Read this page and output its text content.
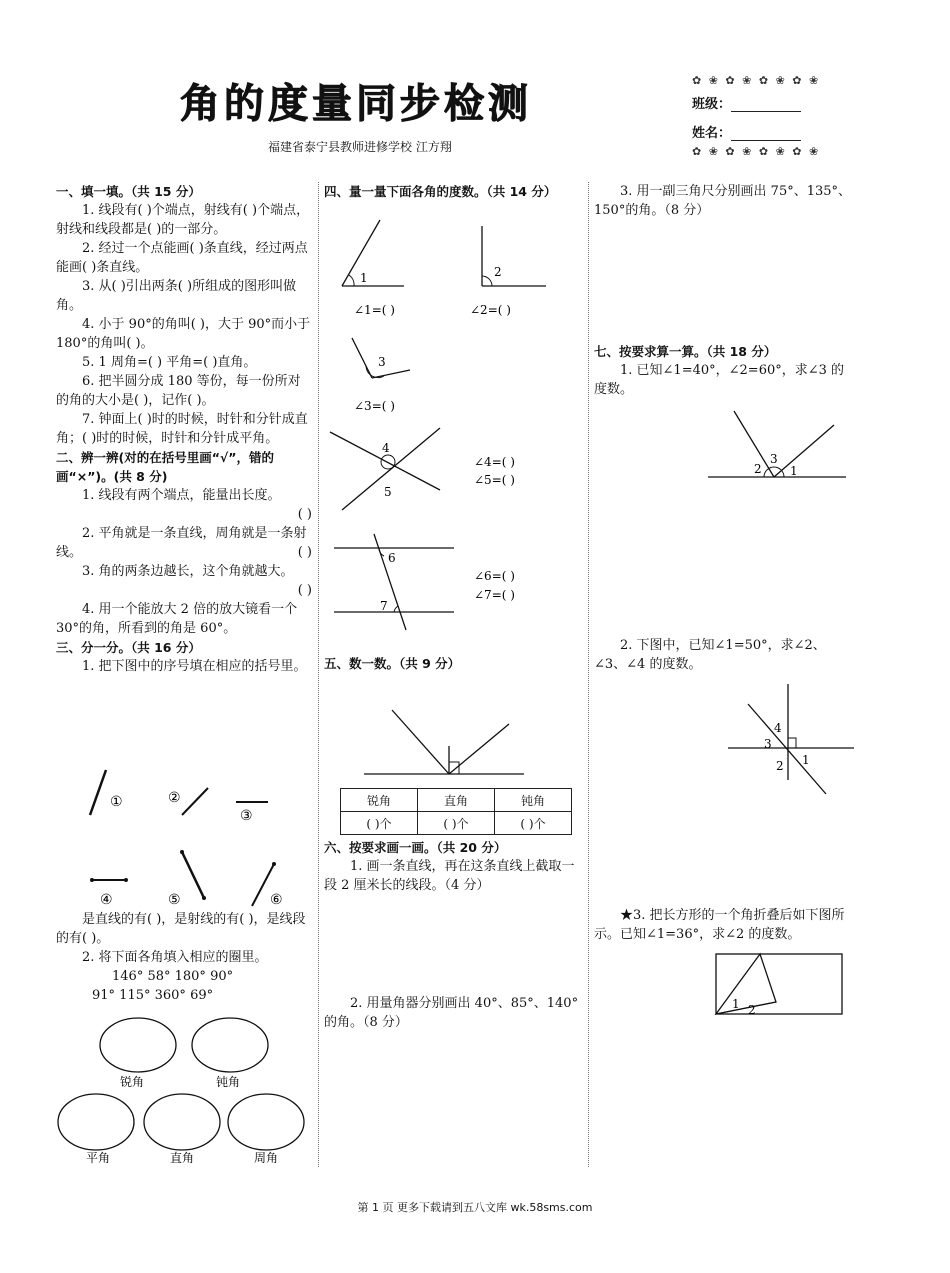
角的度量同步检测
福建省泰宁县教师进修学校 江方翔
✿ ❀ ✿ ❀ ✿ ❀ ✿ ❀
班级：
姓名：
✿ ❀ ✿ ❀ ✿ ❀ ✿ ❀

一、填一填。（共 15 分）

1. 线段有( )个端点，射线有( )个端点，射线和线段都是( )的一部分。

2. 经过一个点能画( )条直线，经过两点能画( )条直线。

3. 从( )引出两条( )所组成的图形叫做角。

4. 小于 90°的角叫( )，大于 90°而小于 180°的角叫( )。

5. 1 周角=( ) 平角=( )直角。

6. 把半圆分成 180 等份，每一份所对的角的大小是( )，记作( )。

7. 钟面上( )时的时候，时针和分针成直角；( )时的时候，时针和分针成平角。

二、辨一辨(对的在括号里画“√”，错的画“×”)。(共 8 分)

1. 线段有两个端点，能量出长度。

( )

2. 平角就是一条直线，周角就是一条射线。	( )

3. 角的两条边越长，这个角就越大。

( )

4. 用一个能放大 2 倍的放大镜看一个 30°的角，所看到的角是 60°。

三、分一分。（共 16 分）

1. 把下图中的序号填在相应的括号里。

①	②
③
④	⑤	⑥

是直线的有( )，是射线的有( )，是线段的有( )。

2. 将下面各角填入相应的圈里。

146° 58° 180° 90°

91° 115° 360° 69°

锐角	钝角
平角	直角	周角

四、量一量下面各角的度数。（共 14 分）

1	2
∠1=( )	∠2=( )
3
∠3=( )
4
5
∠4=( )
∠5=( )
6
7
∠6=( )
∠7=( )

五、数一数。（共 9 分）

锐角	直角	钝角
( )个	( )个	( )个

六、按要求画一画。（共 20 分）

1. 画一条直线，再在这条直线上截取一段 2 厘米长的线段。（4 分）

2. 用量角器分别画出 40°、85°、140°的角。（8 分）

3. 用一副三角尺分别画出 75°、135°、150°的角。（8 分）

七、按要求算一算。（共 18 分）

1. 已知∠1=40°，∠2=60°，求∠3 的度数。

2
3
1

2. 下图中，已知∠1=50°，求∠2、∠3、∠4 的度数。

4
3
2 1

★3. 把长方形的一个角折叠后如下图所示。已知∠1=36°，求∠2 的度数。

1 2
第 1 页 更多下载请到五八文库 wk.58sms.com
